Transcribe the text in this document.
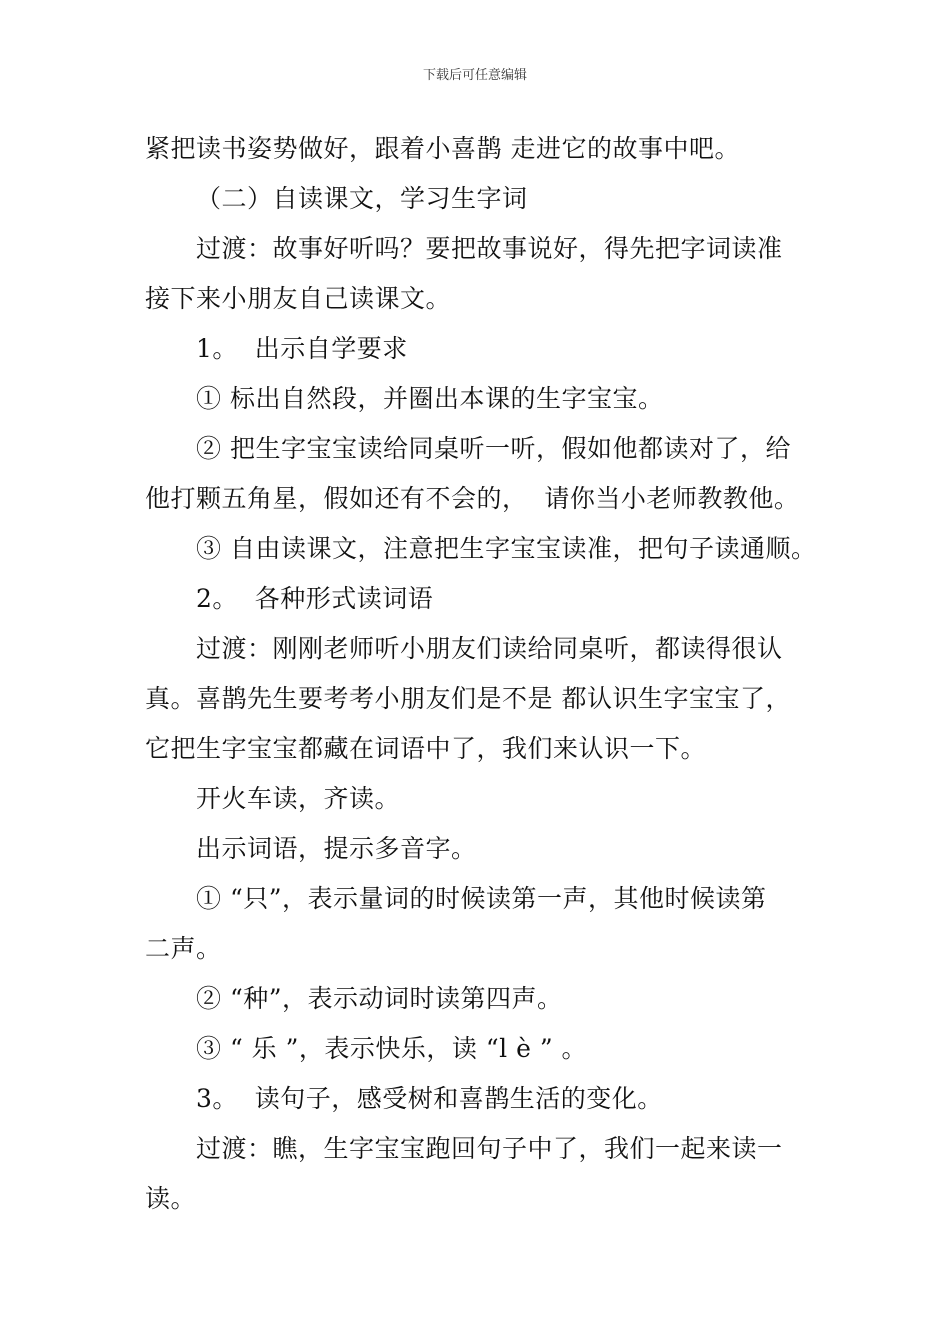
下载后可任意编辑
紧把读书姿势做好，跟着小喜鹊 走进它的故事中吧。
（二）自读课文，学习生字词
过渡：故事好听吗？要把故事说好，得先把字词读准
接下来小朋友自己读课文。
1。  出示自学要求
① 标出自然段，并圈出本课的生字宝宝。
② 把生字宝宝读给同桌听一听，假如他都读对了，给
他打颗五角星，假如还有不会的，  请你当小老师教教他。
③ 自由读课文，注意把生字宝宝读准，把句子读通顺。
2。  各种形式读词语
过渡：刚刚老师听小朋友们读给同桌听，都读得很认
真。喜鹊先生要考考小朋友们是不是 都认识生字宝宝了，
它把生字宝宝都藏在词语中了，我们来认识一下。
开火车读，齐读。
出示词语，提示多音字。
① “只”，表示量词的时候读第一声，其他时候读第
二声。
② “种”，表示动词时读第四声。
③ “ 乐 ”，表示快乐，读 “l è ” 。
3。  读句子，感受树和喜鹊生活的变化。
过渡：瞧，生字宝宝跑回句子中了，我们一起来读一
读。
